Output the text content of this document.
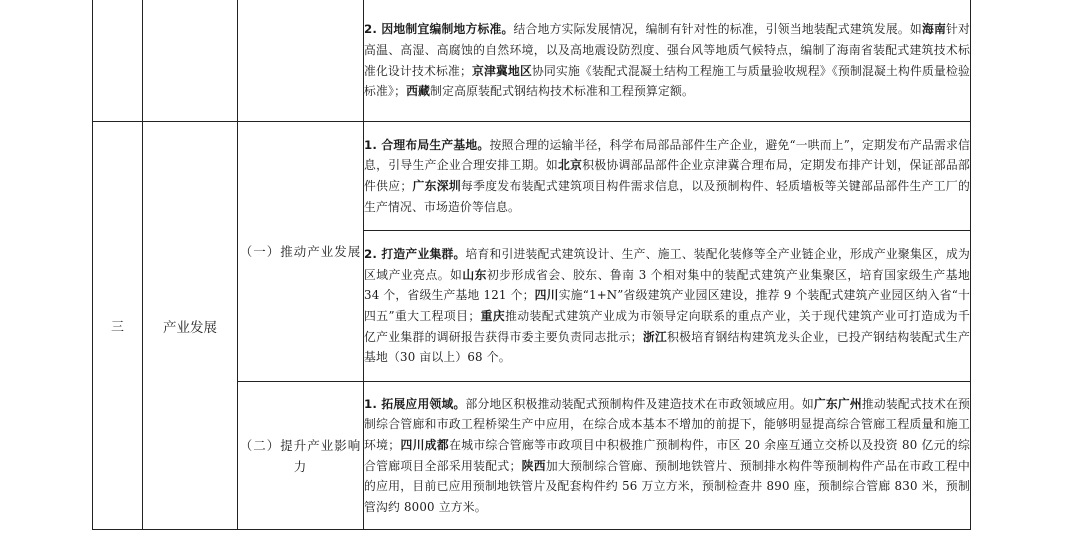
			2. 因地制宜编制地方标准。结合地方实际发展情况，编制有针对性的标准，引领当地装配式建筑发展。如海南针对高温、高湿、高腐蚀的自然环境，以及高地震设防烈度、强台风等地质气候特点，编制了海南省装配式建筑技术标准化设计技术标准；京津冀地区协同实施《装配式混凝土结构工程施工与质量验收规程》《预制混凝土构件质量检验标准》；西藏制定高原装配式钢结构技术标准和工程预算定额。
三	产业发展	（一）推动产业发展	1. 合理布局生产基地。按照合理的运输半径，科学布局部品部件生产企业，避免“一哄而上”，定期发布产品需求信息，引导生产企业合理安排工期。如北京积极协调部品部件企业京津冀合理布局，定期发布排产计划，保证部品部件供应；广东深圳每季度发布装配式建筑项目构件需求信息，以及预制构件、轻质墙板等关键部品部件生产工厂的生产情况、市场造价等信息。
			2. 打造产业集群。培育和引进装配式建筑设计、生产、施工、装配化装修等全产业链企业，形成产业聚集区，成为区域产业亮点。如山东初步形成省会、胶东、鲁南 3 个相对集中的装配式建筑产业集聚区，培育国家级生产基地 34 个，省级生产基地 121 个；四川实施“1+N”省级建筑产业园区建设，推荐 9 个装配式建筑产业园区纳入省“十四五”重大工程项目；重庆推动装配式建筑产业成为市领导定向联系的重点产业，关于现代建筑产业可打造成为千亿产业集群的调研报告获得市委主要负责同志批示；浙江积极培育钢结构建筑龙头企业，已投产钢结构装配式生产基地（30 亩以上）68 个。
		（二）提升产业影响力	1. 拓展应用领域。部分地区积极推动装配式预制构件及建造技术在市政领域应用。如广东广州推动装配式技术在预制综合管廊和市政工程桥梁生产中应用，在综合成本基本不增加的前提下，能够明显提高综合管廊工程质量和施工环境；四川成都在城市综合管廊等市政项目中积极推广预制构件，市区 20 余座互通立交桥以及投资 80 亿元的综合管廊项目全部采用装配式；陕西加大预制综合管廊、预制地铁管片、预制排水构件等预制构件产品在市政工程中的应用，目前已应用预制地铁管片及配套构件约 56 万立方米，预制检查井 890 座，预制综合管廊 830 米，预制管沟约 8000 立方米。
